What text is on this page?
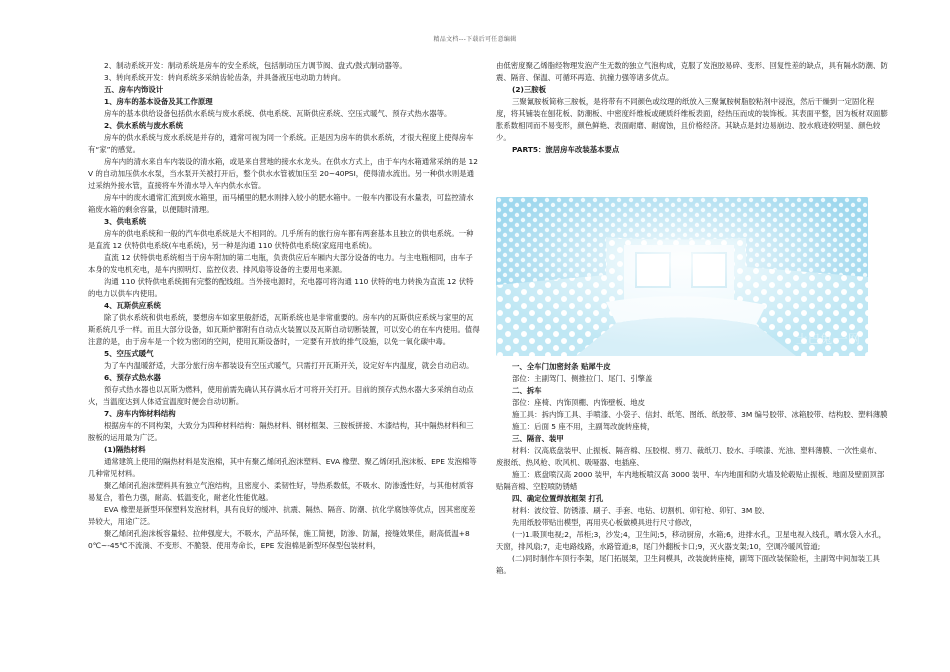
精品文档---下载后可任意编辑

2、制动系统开发：制动系统是房车的安全系统，包括制动压力调节阀、盘式/鼓式制动器等。

3、转向系统开发：转向系统多采纳齿轮齿条，并具备液压电动助力转向。

五、房车内饰设计

1、房车的基本设备及其工作原理

房车的基本供给设备包括供水系统与废水系统、供电系统、瓦斯供应系统、空压式暖气、预存式热水器等。

2、供水系统与废水系统

房车的供水系统与废水系统是并存的，通常可视为同一个系统。正是因为房车的供水系统，才很大程度上使得房车有“家”的感觉。

房车内的清水来自车内装设的清水箱，或是来自营地的接水水龙头。在供水方式上，由于车内水箱通常采纳的是 12V 的自动加压供水水泵，当水泵开关被打开后，整个供水水管被加压至 20~40PSI，使得清水流出。另一种供水则是通过采纳外接水管，直接将车外清水导入车内供水水管。

房车中的废水通常汇流到废水箱里，而马桶里的肥水则排入较小的肥水箱中。一般车内都设有水量表，可监控清水箱废水箱的剩余容量，以便随时清理。

3、供电系统

房车的供电系统和一般的汽车供电系统是大不相同的。几乎所有的旅行房车都有两套基本且独立的供电系统。一种是直流 12 伏特供电系统(车电系统)，另一种是沟通 110 伏特供电系统(家庭用电系统)。

直流 12 伏特供电系统相当于房车附加的第二电瓶，负责供应后车厢内大部分设备的电力。与主电瓶相同，由车子本身的发电机充电，是车内照明灯、监控仪表、排风扇等设备的主要用电来源。

沟通 110 伏特供电系统拥有完整的配线组。当外接电源时，充电器可将沟通 110 伏特的电力转换为直流 12 伏特的电力以供车内使用。

4、瓦斯供应系统

除了供水系统和供电系统，要想房车如家里般舒适，瓦斯系统也是非常重要的。房车内的瓦斯供应系统与家里的瓦斯系统几乎一样。而且大部分设备，如瓦斯炉都附有自动点火装置以及瓦斯自动切断装置，可以安心的在车内使用。值得注意的是，由于房车是一个较为密闭的空间，使用瓦斯设备时，一定要有开放的排气设施，以免一氧化碳中毒。

5、空压式暖气

为了车内温暖舒适，大部分旅行房车都装设有空压式暖气，只需打开瓦斯开关，设定好车内温度，就会自动启动。

6、预存式热水器

预存式热水器也以瓦斯为燃料，使用前需先确认其存满水后才可将开关打开。目前的预存式热水器大多采纳自动点火，当温度达到人体适宜温度时便会自动切断。

7、房车内饰材料结构

根据房车的不同构架，大致分为四种材料结构：隔热材料、钢材框架、三胺板拼接、木漆结构，其中隔热材料和三胺板的运用最为广泛。

(1)隔热材料

通常建筑上使用的隔热材料是发泡棉，其中有聚乙烯闭孔泡沫塑料、EVA 橡塑、聚乙烯闭孔泡沫板、EPE 发泡棉等几种常见材料。

聚乙烯闭孔泡沫塑料具有独立气泡结构，且密度小、柔韧性好，导热系数低，不吸水、防渗透性好，与其他材质容易复合，着色力强，耐高、低温变化，耐老化性能优越。

EVA 橡塑是新型环保塑料发泡材料，具有良好的缓冲、抗震、隔热、隔音、防潮、抗化学腐蚀等优点，因其密度差异较大，用途广泛。

聚乙烯闭孔泡沫板容量轻、拉伸强度大，不吸水，产品环保，施工简便，防渗、防漏，接缝效果佳，耐高低温+80℃~-45℃不流淌、不变形、不脆裂、使用寿命长，EPE 发泡棉是新型环保型包装材料，

由低密度聚乙烯脂经物理发泡产生无数的独立气泡构成，克服了发泡胶易碎、变形、回复性差的缺点，具有隔水防潮、防震、隔音、保温、可循环再造、抗撞力强等诸多优点。

(2)三胺板

三聚氰胺板简称三胺板，是将带有不同颜色或纹理的纸放入三聚氰胺树脂胶粘剂中浸泡，然后干燥到一定固化程度，将其铺装在刨花板、防潮板、中密度纤维板或硬质纤维板表面，经热压而成的装饰板。其表面平整，因为板材双面膨胀系数相同而不易变形，颜色鲜艳、表面耐磨、耐腐蚀，且价格经济。其缺点是封边易崩边、胶水痕迹较明显、颜色较少。

PART5：旅居房车改装基本要点

土巴兔·一网

一、全车门加密封条 贴犀牛皮

部位：主副驾门、侧推拉门、尾门、引擎盖

二、拆车

部位：座椅、内饰顶棚、内饰壁板、地皮

施工具：拆内饰工具、手喷漆、小袋子、信封、纸笔、图纸、纸胶带、3M 编号胶带、冰箱胶带、结构胶、塑料薄膜

施工：后面 5 座不用，主副驾改旋转座椅，

三、隔音、装甲

材料：汉高底盘装甲、止振板、隔音棉、压胶棍、剪刀、裁纸刀、胶水、手喷漆、光油、塑料薄膜、一次性桌布、废报纸、热风枪、吹风机、吸哑器、电插座、

施工：底盘喷汉高 2000 装甲，车内地板喷汉高 3000 装甲、车内地面和防火墙及轮毂贴止振板、地面及壁面顶部贴隔音棉、空腔喷防锈蜡

四、确定位置焊放框架 打孔

材料：波纹管、防锈漆、刷子、手套、电钻、切割机、卯钉枪、卯钉、3M 胶、

先用纸胶带贴出模型，再用夹心板做模具进行尺寸修改，

(一)1.吸顶电视;2，吊柜;3，沙发;4，卫生间;5，移动厨房，水箱;6，进排水孔，卫星电视入线孔，晒水袋入水孔，天窗，排风扇;7，走电路线路，水路管道;8，尾门外翻板卡口;9，灭火器支架;10，空调冷暖风管道;

(二)同时制作车顶行李架，尾门拓展架，卫生间模具，改装旋转座椅，副驾下面改装保险柜，主副驾中间加装工具箱。
